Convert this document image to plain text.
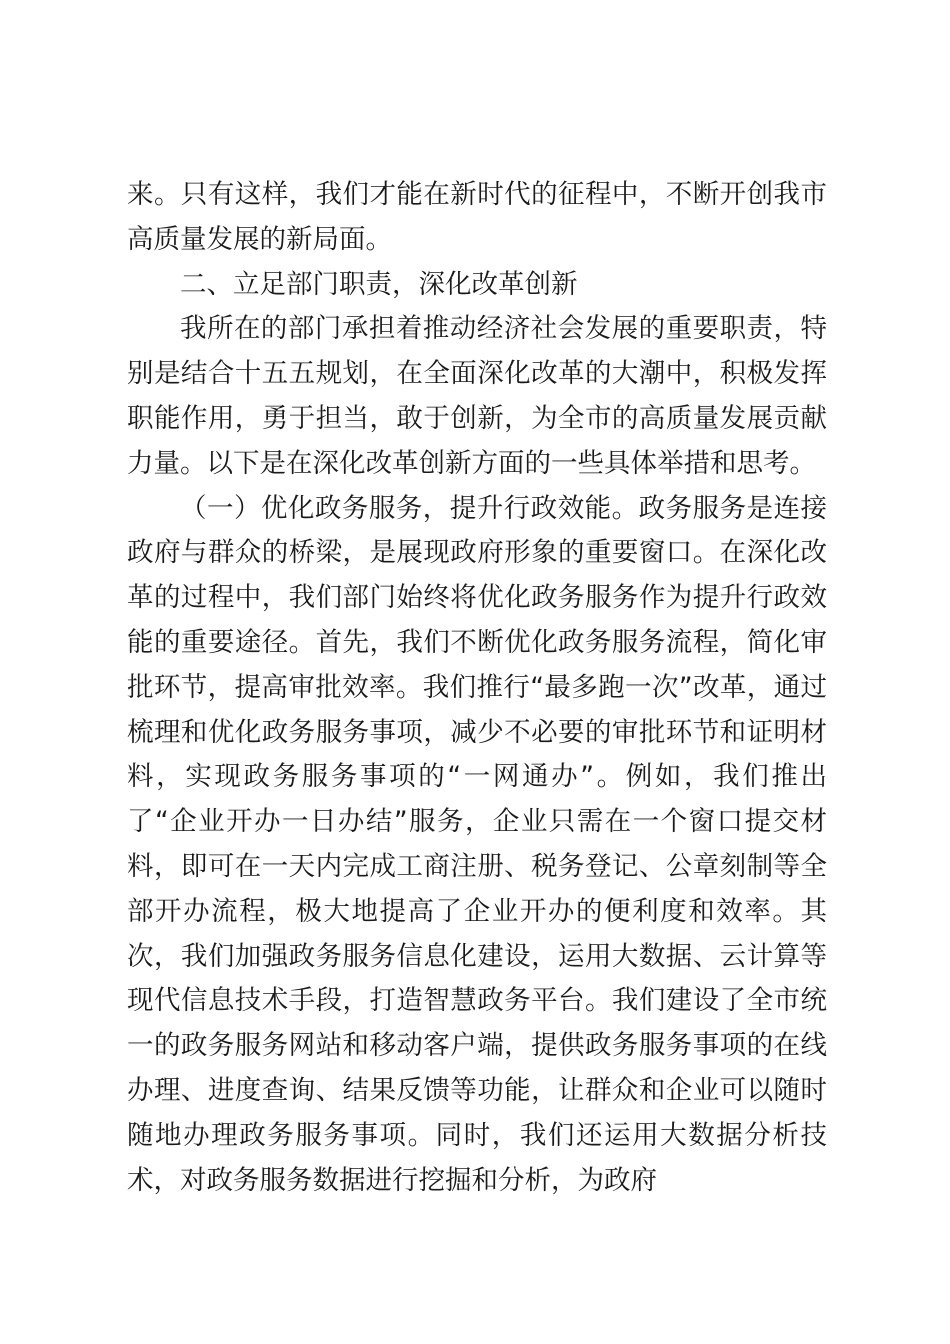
来。只有这样，我们才能在新时代的征程中，不断开创我市高质量发展的新局面。

二、立足部门职责，深化改革创新

我所在的部门承担着推动经济社会发展的重要职责，特别是结合十五五规划，在全面深化改革的大潮中，积极发挥职能作用，勇于担当，敢于创新，为全市的高质量发展贡献力量。以下是在深化改革创新方面的一些具体举措和思考。

（一）优化政务服务，提升行政效能。政务服务是连接政府与群众的桥梁，是展现政府形象的重要窗口。在深化改革的过程中，我们部门始终将优化政务服务作为提升行政效能的重要途径。首先，我们不断优化政务服务流程，简化审批环节，提高审批效率。我们推行“最多跑一次”改革，通过梳理和优化政务服务事项，减少不必要的审批环节和证明材料，实现政务服务事项的“一网通办”。例如，我们推出了“企业开办一日办结”服务，企业只需在一个窗口提交材料，即可在一天内完成工商注册、税务登记、公章刻制等全部开办流程，极大地提高了企业开办的便利度和效率。其次，我们加强政务服务信息化建设，运用大数据、云计算等现代信息技术手段，打造智慧政务平台。我们建设了全市统一的政务服务网站和移动客户端，提供政务服务事项的在线办理、进度查询、结果反馈等功能，让群众和企业可以随时随地办理政务服务事项。同时，我们还运用大数据分析技术，对政务服务数据进行挖掘和分析，为政府
